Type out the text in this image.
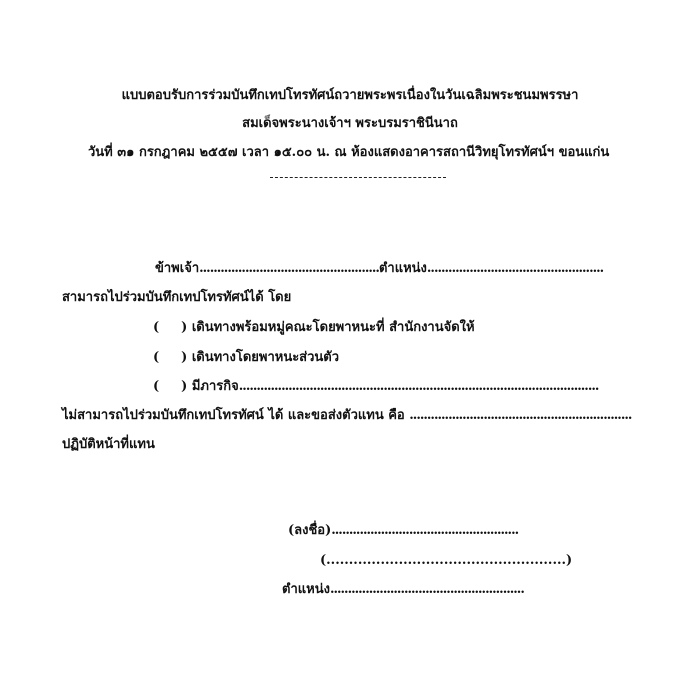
แบบตอบรับการร่วมบันทึกเทปโทรทัศน์ถวายพระพรเนื่องในวันเฉลิมพระชนมพรรษา
สมเด็จพระนางเจ้าฯ พระบรมราชินีนาถ
วันที่ ๓๑ กรกฎาคม ๒๕๕๗ เวลา ๑๕.๐๐ น. ณ ห้องแสดงอาคารสถานีวิทยุโทรทัศน์ฯ ขอนแก่น
ข้าพเจ้า...................................................ตำแหน่ง..................................................
สามารถไปร่วมบันทึกเทปโทรทัศน์ได้ โดย
( ) เดินทางพร้อมหมู่คณะโดยพาหนะที่ สำนักงานจัดให้
( ) เดินทางโดยพาหนะส่วนตัว
( ) มีภารกิจ......................................................................................................
ไม่สามารถไปร่วมบันทึกเทปโทรทัศน์ ได้ และขอส่งตัวแทน คือ ...............................................................
ปฏิบัติหน้าที่แทน
(ลงชื่อ).....................................................
(.....................................................)
ตำแหน่ง.......................................................
